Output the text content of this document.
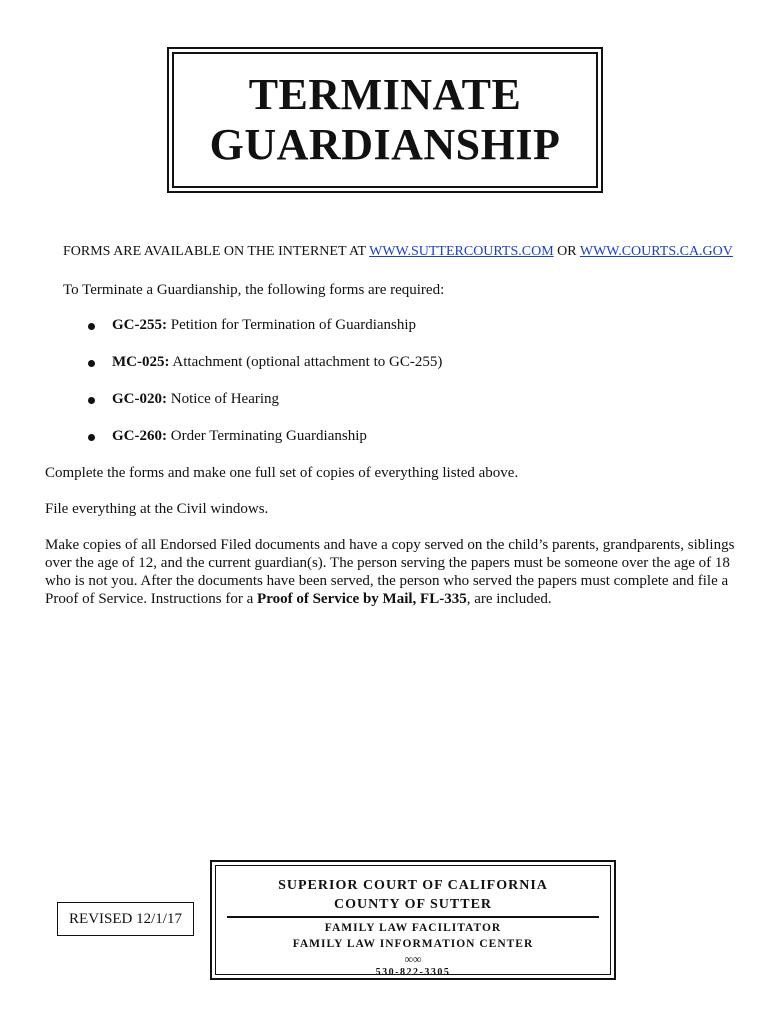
TERMINATE
GUARDIANSHIP
FORMS ARE AVAILABLE ON THE INTERNET AT WWW.SUTTERCOURTS.COM OR WWW.COURTS.CA.GOV
To Terminate a Guardianship, the following forms are required:
GC-255: Petition for Termination of Guardianship
MC-025: Attachment (optional attachment to GC-255)
GC-020: Notice of Hearing
GC-260: Order Terminating Guardianship
Complete the forms and make one full set of copies of everything listed above.
File everything at the Civil windows.
Make copies of all Endorsed Filed documents and have a copy served on the child’s parents, grandparents, siblings over the age of 12, and the current guardian(s). The person serving the papers must be someone over the age of 18 who is not you. After the documents have been served, the person who served the papers must complete and file a Proof of Service. Instructions for a Proof of Service by Mail, FL-335, are included.
REVISED 12/1/17
SUPERIOR COURT OF CALIFORNIA
COUNTY OF SUTTER
FAMILY LAW FACILITATOR
FAMILY LAW INFORMATION CENTER
∞∞
530-822-3305
